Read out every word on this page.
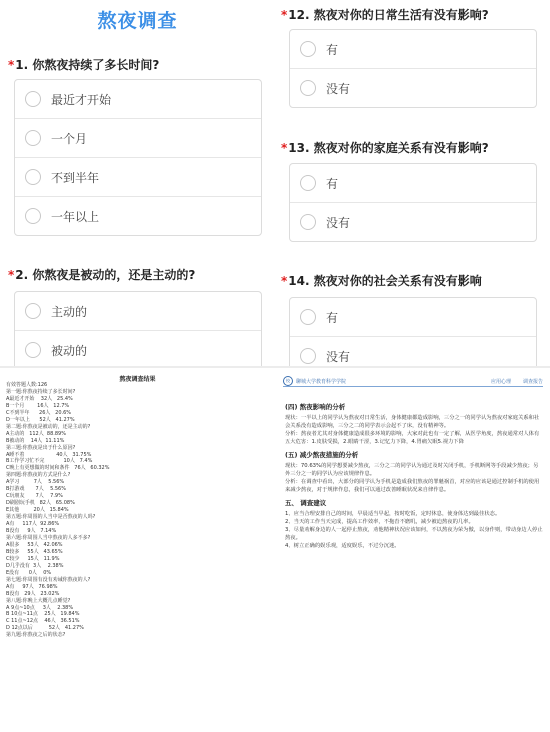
熬夜调查
*1. 你熬夜持续了多长时间?
最近才开始
一个月
不到半年
一年以上
*2. 你熬夜是被动的，还是主动的?
主动的
被动的
*12. 熬夜对你的日常生活有没有影响?
有
没有
*13. 熬夜对你的家庭关系有没有影响?
有
没有
*14. 熬夜对你的社会关系有没有影响
有
没有
熬夜调查结果
有效答题人数:126
第一题:你熬夜持续了多长时间?
A最近才开始    32人   25.4%
B一个月        16人   12.7%
C不到半年      26人   20.6%
D一年以上      52人   41.27%
第二题:你熬夜是被动的，还是主动的?
A主动的   112人  88.89%
B被动的    14人  11.11%
第三题:你熬夜是出于什么原因?
A睡不着                    40人   31.75%
B工作学习忙不完            10人   7.4%
C晚上有更想做的时间和条件   76人   60.32%
第四题:你熬夜的方式是什么?
A学习         7人    5.56%
B打游戏       7人    5.56%
C玩朋友       7人    7.9%
D刷剧玩手机   82人   65.08%
E其他         20人   15.84%
第五题:你周围的人当中是否熬夜的人吗?
A有     117人  92.86%
B没有     9人   7.14%
第六题:你周围人当中熬夜的人多不多?
A很多     53人   42.06%
B较多     55人   43.65%
C较少     15人   11.9%
D几乎没有  3人    2.38%
E没有      0人    0%
第七题:你周围有没有劝诫你熬夜的人?
A有     97人   76.98%
B没有   29人   23.02%
第八题:你晚上大概几点睡觉?
A 9点~10点     3人    2.38%
B 10点~11点    25人   19.84%
C 11点~12点    46人   36.51%
D 12点以后          52人   41.27%
第九题:你熬夜之后的状态?
校	聊城大学教育科学学院	应用心理 调查报告
(四) 熬夜影响的分析
现状：一半以上的同学认为熬夜对日常生活，身体健康都造成影响，三分之一的同学认为熬夜对家庭关系和社会关系没有造成影响，三分之二的同学表示会起不了床，没有精神等。
分析：熬夜者尤其对身体健康造成很多环境的影响，大家对此也有一定了解，从医学角度，熬夜通常对人体有五大危害：1.皮肤受损，2.眼睛干涩，3.记忆力下降，4.胃痛欠眠5.视力下降
(五) 减少熬夜措施的分析
现状：70.63%的同学想要减少熬夜，三分之二的同学认为通过及时关闭手机，手机断网等手段减少熬夜；另外三分之一的同学认为应该规律作息。
分析：在调查中看出，大部分的同学认为手机是造成我们熬夜的罪魁祸首，对应的应该是通过控制手机的使用来减少熬夜，对于规律作息，我们可以通过改善睡眠状况来自律作息。
五、 调查建议
1、应当合理安排自己的时间，早晨适当早起，按时吃饭，定时休息，使身体达到最佳状态。
2、当天的工作当天完成，提高工作效率，不拖沓不磨叽，减少被迫熬夜的几率。
3、尽量劝解身边的人一起停止熬夜，劝他精神状况应该如何，不以熬夜为荣为傲，以身作则，带动身边人停止熬夜。
4、树立正确的娱乐观，适度娱乐，不过分沉迷。
